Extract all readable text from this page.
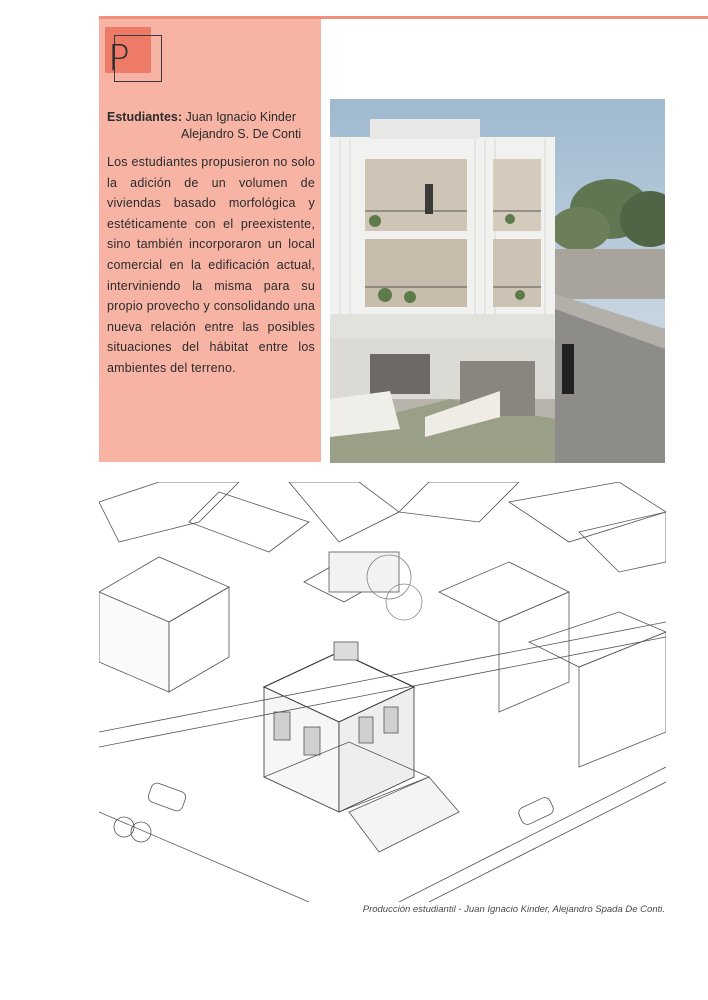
P
Estudiantes: Juan Ignacio Kinder
Alejandro S. De Conti
Los estudiantes propusieron no solo la adición de un volumen de viviendas basado morfológica y estéticamente con el preexistente, sino también incorporaron un local comercial en la edificación actual, interviniendo la misma para su propio provecho y consolidando una nueva relación entre las posibles situaciones del hábitat entre los ambientes del terreno.
Producción estudiantil - Juan Ignacio Kinder, Alejandro Spada De Conti.
